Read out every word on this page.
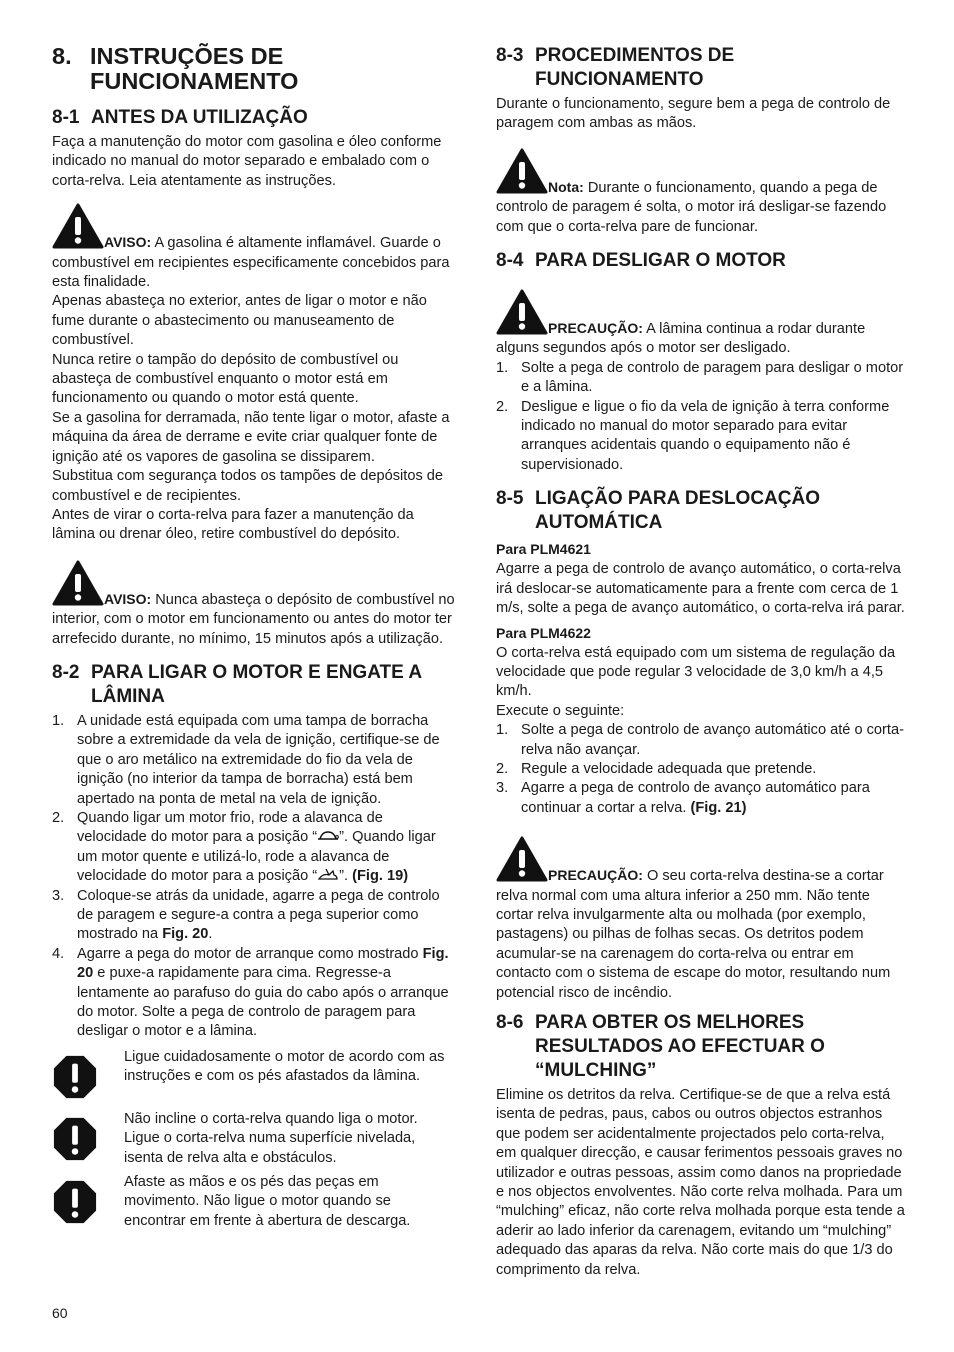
8. INSTRUÇÕES DE FUNCIONAMENTO
8-1 ANTES DA UTILIZAÇÃO

Faça a manutenção do motor com gasolina e óleo conforme indicado no manual do motor separado e embalado com o corta-relva. Leia atentamente as instruções.

AVISO: A gasolina é altamente inflamável. Guarde o combustível em recipientes especificamente concebidos para esta finalidade.

Apenas abasteça no exterior, antes de ligar o motor e não fume durante o abastecimento ou manuseamento de combustível.

Nunca retire o tampão do depósito de combustível ou abasteça de combustível enquanto o motor está em funcionamento ou quando o motor está quente.

Se a gasolina for derramada, não tente ligar o motor, afaste a máquina da área de derrame e evite criar qualquer fonte de ignição até os vapores de gasolina se dissiparem.

Substitua com segurança todos os tampões de depósitos de combustível e de recipientes.

Antes de virar o corta-relva para fazer a manutenção da lâmina ou drenar óleo, retire combustível do depósito.

AVISO: Nunca abasteça o depósito de combustível no interior, com o motor em funcionamento ou antes do motor ter arrefecido durante, no mínimo, 15 minutos após a utilização.

8-2 PARA LIGAR O MOTOR E ENGATE A LÂMINA
1. A unidade está equipada com uma tampa de borracha sobre a extremidade da vela de ignição, certifique-se de que o aro metálico na extremidade do fio da vela de ignição (no interior da tampa de borracha) está bem apertado na ponta de metal na vela de ignição.
2. Quando ligar um motor frio, rode a alavanca de velocidade do motor para a posição “ ”. Quando ligar um motor quente e utilizá-lo, rode a alavanca de velocidade do motor para a posição “ ”. (Fig. 19)
3. Coloque-se atrás da unidade, agarre a pega de controlo de paragem e segure-a contra a pega superior como mostrado na Fig. 20.
4. Agarre a pega do motor de arranque como mostrado Fig. 20 e puxe-a rapidamente para cima. Regresse-a lentamente ao parafuso do guia do cabo após o arranque do motor. Solte a pega de controlo de paragem para desligar o motor e a lâmina.

Ligue cuidadosamente o motor de acordo com as instruções e com os pés afastados da lâmina.

Não incline o corta-relva quando liga o motor. Ligue o corta-relva numa superfície nivelada, isenta de relva alta e obstáculos.

Afaste as mãos e os pés das peças em movimento. Não ligue o motor quando se encontrar em frente à abertura de descarga.

8-3 PROCEDIMENTOS DE FUNCIONAMENTO

Durante o funcionamento, segure bem a pega de controlo de paragem com ambas as mãos.

Nota: Durante o funcionamento, quando a pega de controlo de paragem é solta, o motor irá desligar-se fazendo com que o corta-relva pare de funcionar.

8-4 PARA DESLIGAR O MOTOR

PRECAUÇÃO: A lâmina continua a rodar durante alguns segundos após o motor ser desligado.

1. Solte a pega de controlo de paragem para desligar o motor e a lâmina.
2. Desligue e ligue o fio da vela de ignição à terra conforme indicado no manual do motor separado para evitar arranques acidentais quando o equipamento não é supervisionado.
8-5 LIGAÇÃO PARA DESLOCAÇÃO AUTOMÁTICA
Para PLM4621

Agarre a pega de controlo de avanço automático, o corta-relva irá deslocar-se automaticamente para a frente com cerca de 1 m/s, solte a pega de avanço automático, o corta-relva irá parar.

Para PLM4622

O corta-relva está equipado com um sistema de regulação da velocidade que pode regular 3 velocidade de 3,0 km/h a 4,5 km/h.

Execute o seguinte:

1. Solte a pega de controlo de avanço automático até o corta-relva não avançar.
2. Regule a velocidade adequada que pretende.
3. Agarre a pega de controlo de avanço automático para continuar a cortar a relva. (Fig. 21)

PRECAUÇÃO: O seu corta-relva destina-se a cortar relva normal com uma altura inferior a 250 mm. Não tente cortar relva invulgarmente alta ou molhada (por exemplo, pastagens) ou pilhas de folhas secas. Os detritos podem acumular-se na carenagem do corta-relva ou entrar em contacto com o sistema de escape do motor, resultando num potencial risco de incêndio.

8-6 PARA OBTER OS MELHORES RESULTADOS AO EFECTUAR O “MULCHING”

Elimine os detritos da relva. Certifique-se de que a relva está isenta de pedras, paus, cabos ou outros objectos estranhos que podem ser acidentalmente projectados pelo corta-relva, em qualquer direcção, e causar ferimentos pessoais graves no utilizador e outras pessoas, assim como danos na propriedade e nos objectos envolventes. Não corte relva molhada. Para um “mulching” eficaz, não corte relva molhada porque esta tende a aderir ao lado inferior da carenagem, evitando um “mulching” adequado das aparas da relva. Não corte mais do que 1/3 do comprimento da relva.

60
